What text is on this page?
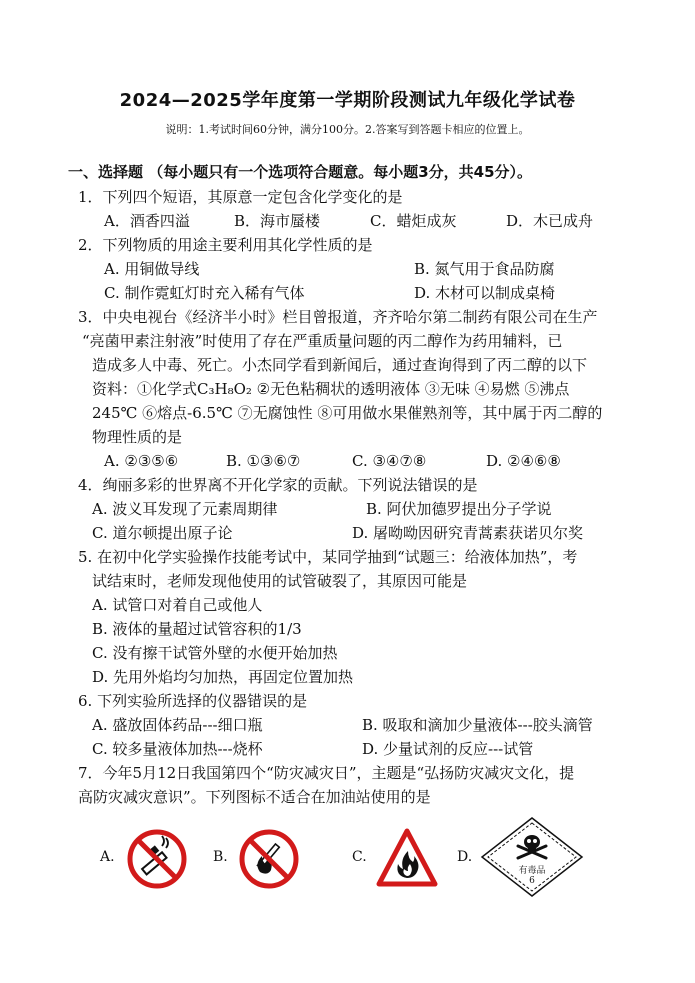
2024—2025学年度第一学期阶段测试九年级化学试卷
说明：1.考试时间60分钟，满分100分。2.答案写到答题卡相应的位置上。
一、选择题 （每小题只有一个选项符合题意。每小题3分，共45分）。
1．下列四个短语，其原意一定包含化学变化的是
A．酒香四溢	B．海市蜃楼	C．蜡炬成灰	D．木已成舟
2．下列物质的用途主要利用其化学性质的是
A. 用铜做导线	B. 氮气用于食品防腐
C. 制作霓虹灯时充入稀有气体	D. 木材可以制成桌椅
3．中央电视台《经济半小时》栏目曾报道，齐齐哈尔第二制药有限公司在生产
“亮菌甲素注射液”时使用了存在严重质量问题的丙二醇作为药用辅料，已
造成多人中毒、死亡。小杰同学看到新闻后，通过查询得到了丙二醇的以下
资料：①化学式C₃H₈O₂ ②无色粘稠状的透明液体 ③无味 ④易燃 ⑤沸点
245℃ ⑥熔点-6.5℃ ⑦无腐蚀性 ⑧可用做水果催熟剂等，其中属于丙二醇的
物理性质的是
A. ②③⑤⑥	B. ①③⑥⑦	C. ③④⑦⑧	D. ②④⑥⑧
4．绚丽多彩的世界离不开化学家的贡献。下列说法错误的是
A. 波义耳发现了元素周期律	B. 阿伏加德罗提出分子学说
C. 道尔顿提出原子论	D. 屠呦呦因研究青蒿素获诺贝尔奖
5. 在初中化学实验操作技能考试中，某同学抽到“试题三：给液体加热”，考
试结束时，老师发现他使用的试管破裂了，其原因可能是
A. 试管口对着自己或他人
B. 液体的量超过试管容积的1/3
C. 没有擦干试管外壁的水便开始加热
D. 先用外焰均匀加热，再固定位置加热
6. 下列实验所选择的仪器错误的是
A. 盛放固体药品---细口瓶	B. 吸取和滴加少量液体---胶头滴管
C. 较多量液体加热---烧杯	D. 少量试剂的反应---试管
7．今年5月12日我国第四个“防灾减灾日”，主题是“弘扬防灾减灾文化，提
高防灾减灾意识”。下列图标不适合在加油站使用的是
A.	B.	C.	D.
有毒品
6
